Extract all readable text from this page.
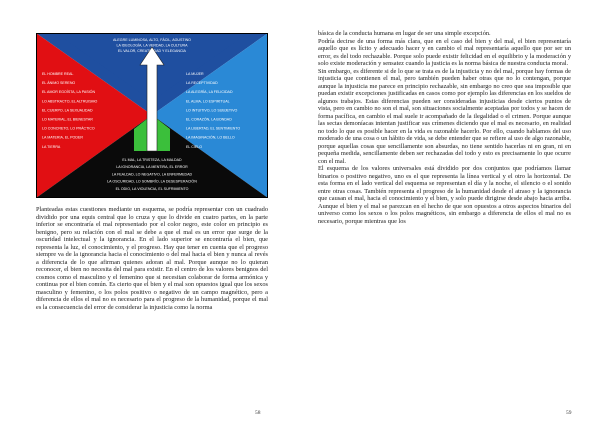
ALEGRE LUMINOSA, ALTO, FÁCIL, AGUSTINO
LA IDEOLOGÍA, LA VERDAD, LA CULTURA
EL VALOR, CREATIVIDAD Y ELEGANCIA
EL HOMBRE REAL
EL ÁNIMO SERENO
EL AMOR EGOÍSTA, LA PASIÓN
LO ABSTRACTO, EL ALTRUISMO
EL CUERPO, LA SEXUALIDAD
LO MATERIAL, EL BIENESTAR
LO CONCRETO, LO PRÁCTICO
LA MATERIA, EL PODER
LA TIERRA
LA MUJER
LA RECEPTIVIDAD
LA ALEGRÍA, LA FELICIDAD
EL ALMA, LO ESPIRITUAL
LO INTUITIVO, LO SUBJETIVO
EL CORAZÓN, LA BONDAD
LA LIBERTAD, EL SENTIMIENTO
LA IMAGINACIÓN, LO BELLO
EL CIELO
EL MAL, LA TRISTEZA, LA MALDAD
LA IGNORANCIA, LA MENTIRA, EL ERROR
LA FEALDAD, LO NEGATIVO, LA ENFERMEDAD
LA OSCURIDAD, LO SOMBRÍO, LA DESESPERACIÓN
EL ODIO, LA VIOLENCIA, EL SUFRIMIENTO

Planteadas estas cuestiones mediante un esquema, se podría representar con un cuadrado dividido por una equis central que lo cruza y que lo divide en cuatro partes, en la parte inferior se encontraría el mal representado por el color negro, este color en principio es benigno, pero su relación con el mal se debe a que el mal es un error que surge de la oscuridad intelectual y la ignorancia. En el lado superior se encontraría el bien, que representa la luz, el conocimiento, y el progreso. Hay que tener en cuenta que el progreso siempre va de la ignorancia hacia el conocimiento o del mal hacia el bien y nunca al revés a diferencia de lo que afirman quienes adoran al mal. Porque aunque no lo quieran reconocer, el bien no necesita del mal para existir. En el centro de los valores benignos del cosmos como el masculino y el femenino que si necesitan colaborar de forma armónica y continua por el bien común. Es cierto que el bien y el mal son opuestos igual que los sexos masculino y femenino, o los polos positivo o negativo de un campo magnético, pero a diferencia de ellos el mal no es necesario para el progreso de la humanidad, porque el mal es la consecuencia del error de considerar la injusticia como la norma

58

básica de la conducta humana en lugar de ser una simple excepción.

Podría decirse de una forma más clara, que en el caso del bien y del mal, el bien representaría aquello que es lícito y adecuado hacer y en cambio el mal representaría aquello que por ser un error, es del todo rechazable. Porque solo puede existir felicidad en el equilibrio y la moderación y solo existe moderación y sensatez cuando la justicia es la norma básica de nuestra conducta moral.

Sin embargo, es diferente si de lo que se trata es de la injusticia y no del mal, porque hay formas de injusticia que contienen el mal, pero también pueden haber otras que no lo contengan, porque aunque la injusticia me parece en principio rechazable, sin embargo no creo que sea imposible que puedan existir excepciones justificadas en casos como por ejemplo las diferencias en los sueldos de algunos trabajos. Estas diferencias pueden ser consideradas injusticias desde ciertos puntos de vista, pero en cambio no son el mal, son situaciones socialmente aceptadas por todos y se hacen de forma pacífica, en cambio el mal suele ir acompañado de la ilegalidad o el crimen. Porque aunque las sectas demoníacas intentan justificar sus crímenes diciendo que el mal es necesario, en realidad no todo lo que es posible hacer en la vida es razonable hacerlo. Por ello, cuando hablamos del uso moderado de una cosa o un hábito de vida, se debe entender que se refiere al uso de algo razonable, porque aquellas cosas que sencillamente son absurdas, no tiene sentido hacerlas ni en gran, ni en pequeña medida, sencillamente deben ser rechazadas del todo y esto es precisamente lo que ocurre con el mal.

El esquema de los valores universales está dividido por dos conjuntos que podríamos llamar binarios o positivo negativo, uno es el que representa la línea vertical y el otro la horizontal. De esta forma en el lado vertical del esquema se representan el día y la noche, el silencio o el sonido entre otras cosas. También representa el progreso de la humanidad desde el atraso y la ignorancia que causan el mal, hacia el conocimiento y el bien, y solo puede dirigirse desde abajo hacia arriba. Aunque el bien y el mal se parezcan en el hecho de que son opuestos a otros aspectos binarios del universo como los sexos o los polos magnéticos, sin embargo a diferencia de ellos el mal no es necesario, porque mientras que los

59
